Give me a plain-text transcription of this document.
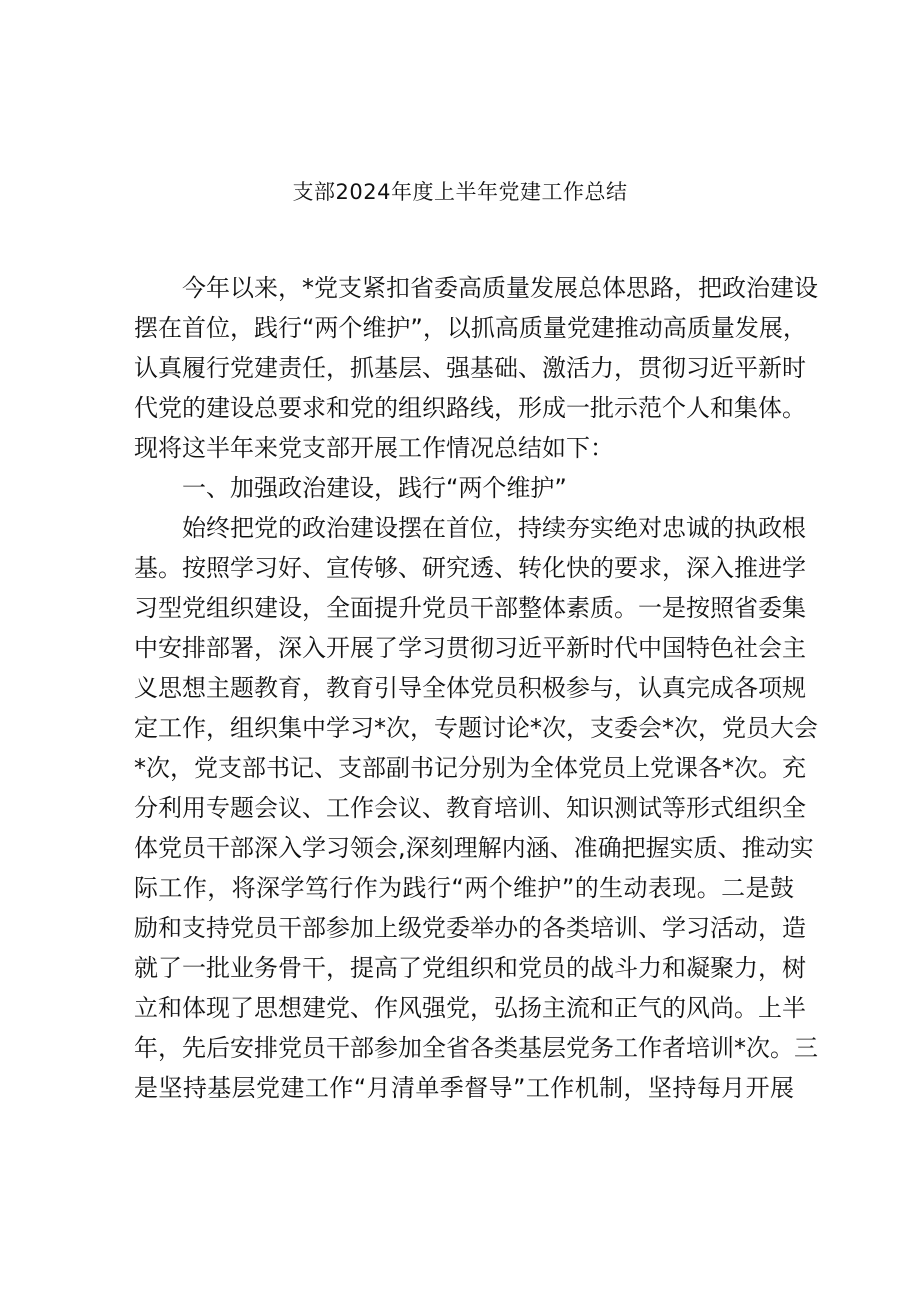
支部2024年度上半年党建工作总结
今年以来，*党支紧扣省委高质量发展总体思路，把政治建设
摆在首位，践行“两个维护”，以抓高质量党建推动高质量发展，
认真履行党建责任，抓基层、强基础、激活力，贯彻习近平新时
代党的建设总要求和党的组织路线，形成一批示范个人和集体。
现将这半年来党支部开展工作情况总结如下：
一、加强政治建设，践行“两个维护”
始终把党的政治建设摆在首位，持续夯实绝对忠诚的执政根
基。按照学习好、宣传够、研究透、转化快的要求，深入推进学
习型党组织建设，全面提升党员干部整体素质。一是按照省委集
中安排部署，深入开展了学习贯彻习近平新时代中国特色社会主
义思想主题教育，教育引导全体党员积极参与，认真完成各项规
定工作，组织集中学习*次，专题讨论*次，支委会*次，党员大会
*次，党支部书记、支部副书记分别为全体党员上党课各*次。充
分利用专题会议、工作会议、教育培训、知识测试等形式组织全
体党员干部深入学习领会,深刻理解内涵、准确把握实质、推动实
际工作，将深学笃行作为践行“两个维护”的生动表现。二是鼓
励和支持党员干部参加上级党委举办的各类培训、学习活动，造
就了一批业务骨干，提高了党组织和党员的战斗力和凝聚力，树
立和体现了思想建党、作风强党，弘扬主流和正气的风尚。上半
年，先后安排党员干部参加全省各类基层党务工作者培训*次。三
是坚持基层党建工作“月清单季督导”工作机制，坚持每月开展
